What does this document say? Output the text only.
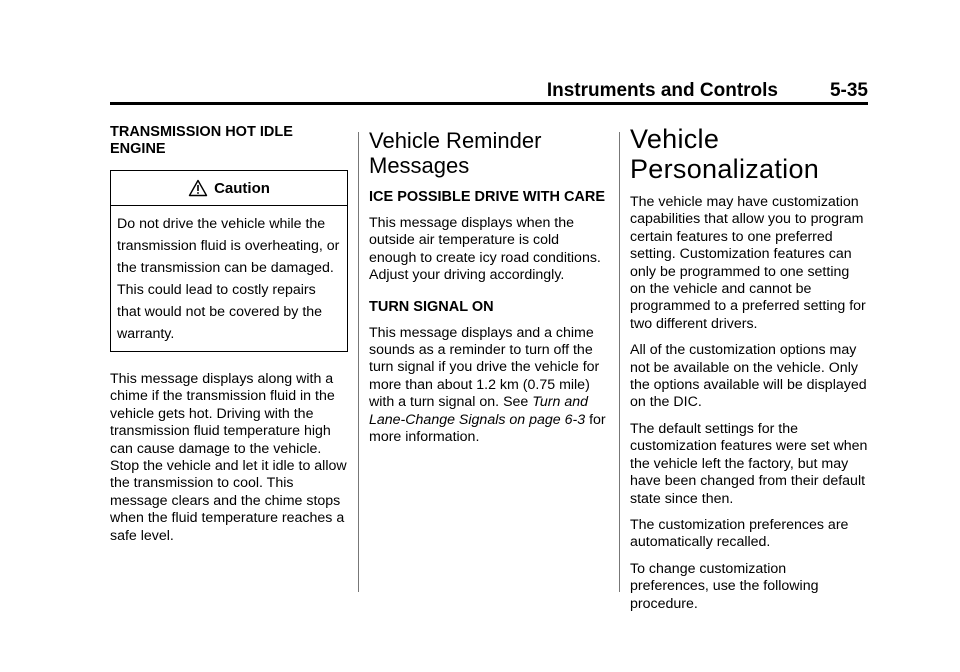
Instruments and Controls	5-35
TRANSMISSION HOT IDLE ENGINE
Caution
Do not drive the vehicle while the transmission fluid is overheating, or the transmission can be damaged. This could lead to costly repairs that would not be covered by the warranty.

This message displays along with a chime if the transmission fluid in the vehicle gets hot. Driving with the transmission fluid temperature high can cause damage to the vehicle. Stop the vehicle and let it idle to allow the transmission to cool. This message clears and the chime stops when the fluid temperature reaches a safe level.

Vehicle Reminder Messages
ICE POSSIBLE DRIVE WITH CARE

This message displays when the outside air temperature is cold enough to create icy road conditions. Adjust your driving accordingly.

TURN SIGNAL ON

This message displays and a chime sounds as a reminder to turn off the turn signal if you drive the vehicle for more than about 1.2 km (0.75 mile) with a turn signal on. See Turn and Lane-Change Signals on page 6-3 for more information.

Vehicle Personalization

The vehicle may have customization capabilities that allow you to program certain features to one preferred setting. Customization features can only be programmed to one setting on the vehicle and cannot be programmed to a preferred setting for two different drivers.

All of the customization options may not be available on the vehicle. Only the options available will be displayed on the DIC.

The default settings for the customization features were set when the vehicle left the factory, but may have been changed from their default state since then.

The customization preferences are automatically recalled.

To change customization preferences, use the following procedure.
